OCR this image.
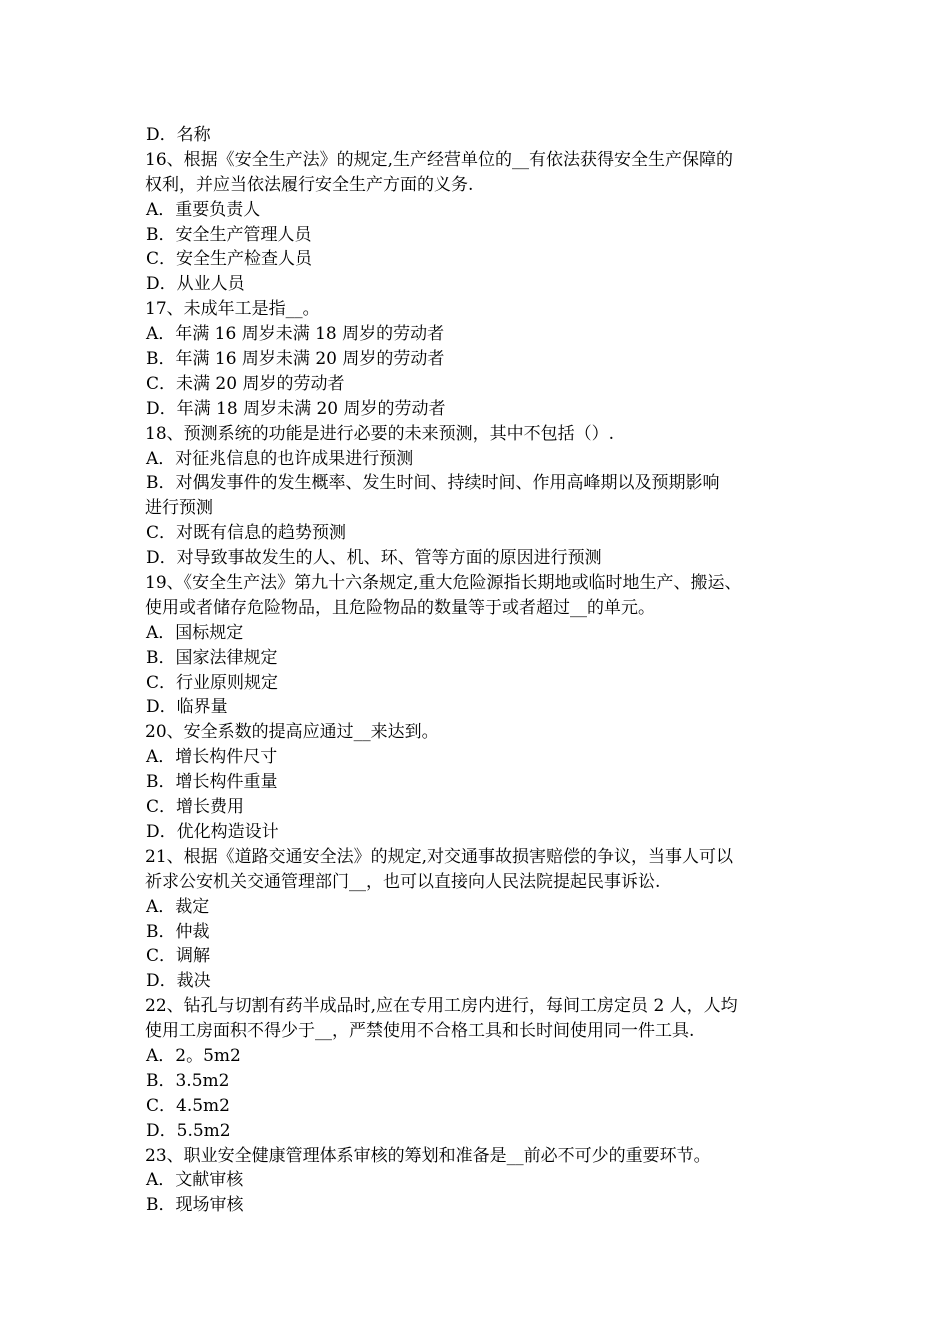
D．名称
16、根据《安全生产法》的规定,生产经营单位的__有依法获得安全生产保障的
权利，并应当依法履行安全生产方面的义务.
A．重要负责人
B．安全生产管理人员
C．安全生产检查人员
D．从业人员
17、未成年工是指__。
A．年满 16 周岁未满 18 周岁的劳动者
B．年满 16 周岁未满 20 周岁的劳动者
C．未满 20 周岁的劳动者
D．年满 18 周岁未满 20 周岁的劳动者
18、预测系统的功能是进行必要的未来预测，其中不包括（）.
A．对征兆信息的也许成果进行预测
B．对偶发事件的发生概率、发生时间、持续时间、作用高峰期以及预期影响
进行预测
C．对既有信息的趋势预测
D．对导致事故发生的人、机、环、管等方面的原因进行预测
19、《安全生产法》第九十六条规定,重大危险源指长期地或临时地生产、搬运、
使用或者储存危险物品，且危险物品的数量等于或者超过__的单元。
A．国标规定
B．国家法律规定
C．行业原则规定
D．临界量
20、安全系数的提高应通过__来达到。
A．增长构件尺寸
B．增长构件重量
C．增长费用
D．优化构造设计
21、根据《道路交通安全法》的规定,对交通事故损害赔偿的争议，当事人可以
祈求公安机关交通管理部门__，也可以直接向人民法院提起民事诉讼.
A．裁定
B．仲裁
C．调解
D．裁决
22、钻孔与切割有药半成品时,应在专用工房内进行，每间工房定员 2 人，人均
使用工房面积不得少于__，严禁使用不合格工具和长时间使用同一件工具.
A．2。5m2
B．3.5m2
C．4.5m2
D．5.5m2
23、职业安全健康管理体系审核的筹划和准备是__前必不可少的重要环节。
A．文献审核
B．现场审核
